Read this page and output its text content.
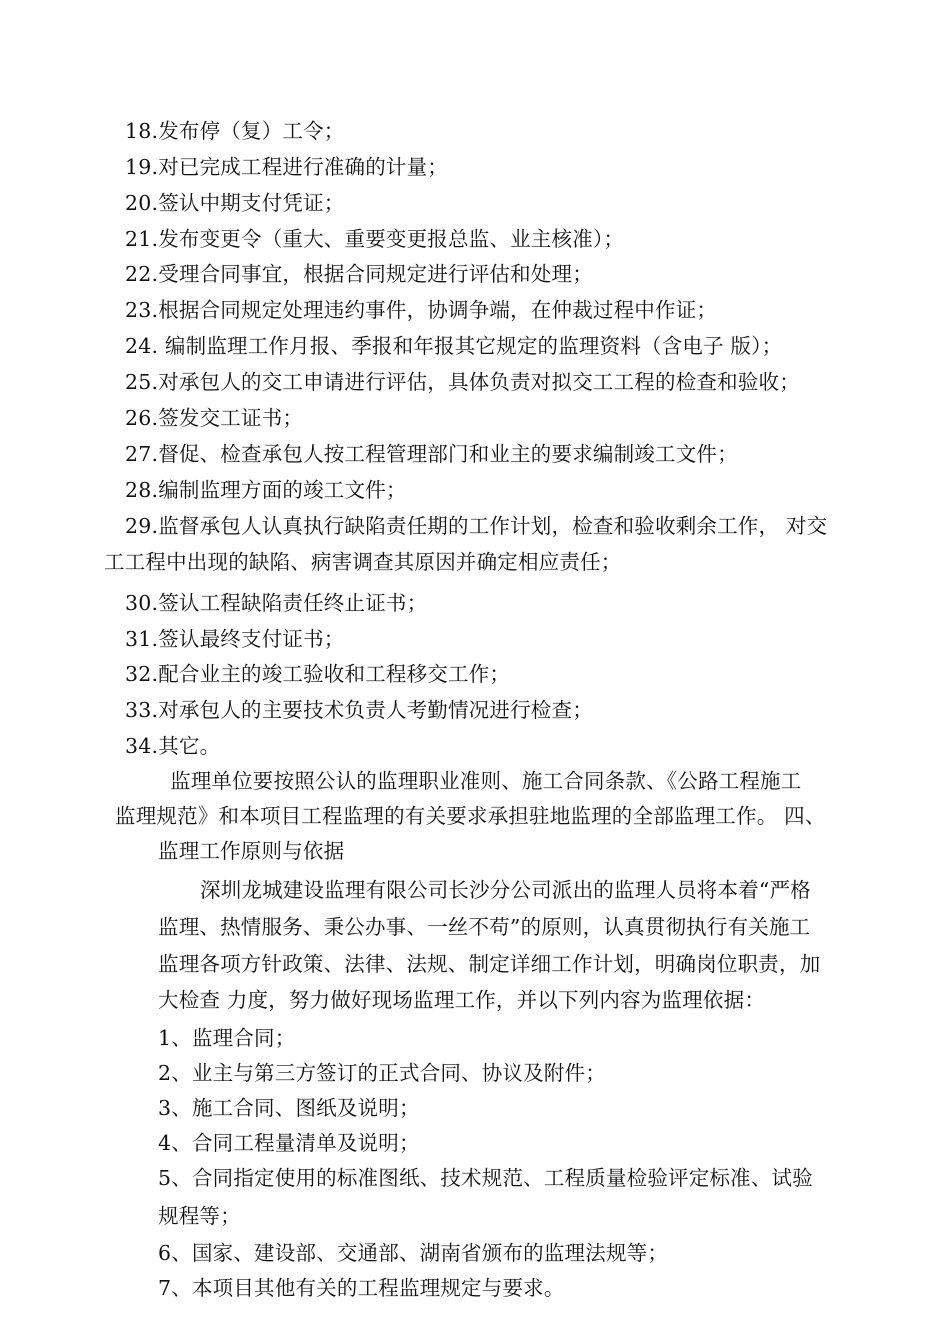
18.发布停（复）工令；
19.对已完成工程进行准确的计量；
20.签认中期支付凭证；
21.发布变更令（重大、重要变更报总监、业主核准）；
22.受理合同事宜，根据合同规定进行评估和处理；
23.根据合同规定处理违约事件，协调争端，在仲裁过程中作证；
24. 编制监理工作月报、季报和年报其它规定的监理资料（含电子 版）；
25.对承包人的交工申请进行评估，具体负责对拟交工工程的检查和验收；
26.签发交工证书；
27.督促、检查承包人按工程管理部门和业主的要求编制竣工文件；
28.编制监理方面的竣工文件；
29.监督承包人认真执行缺陷责任期的工作计划，检查和验收剩余工作， 对交
工工程中出现的缺陷、病害调查其原因并确定相应责任；
30.签认工程缺陷责任终止证书；
31.签认最终支付证书；
32.配合业主的竣工验收和工程移交工作；
33.对承包人的主要技术负责人考勤情况进行检查；
34.其它。
监理单位要按照公认的监理职业准则、施工合同条款、《公路工程施工
监理规范》和本项目工程监理的有关要求承担驻地监理的全部监理工作。 四、
监理工作原则与依据
深圳龙城建设监理有限公司长沙分公司派出的监理人员将本着“严格
监理、热情服务、秉公办事、一丝不苟”的原则，认真贯彻执行有关施工
监理各项方针政策、法律、法规、制定详细工作计划，明确岗位职责，加
大检查 力度，努力做好现场监理工作，并以下列内容为监理依据：
1、监理合同；
2、业主与第三方签订的正式合同、协议及附件；
3、施工合同、图纸及说明；
4、合同工程量清单及说明；
5、合同指定使用的标准图纸、技术规范、工程质量检验评定标准、试验
规程等；
6、国家、建设部、交通部、湖南省颁布的监理法规等；
7、本项目其他有关的工程监理规定与要求。
